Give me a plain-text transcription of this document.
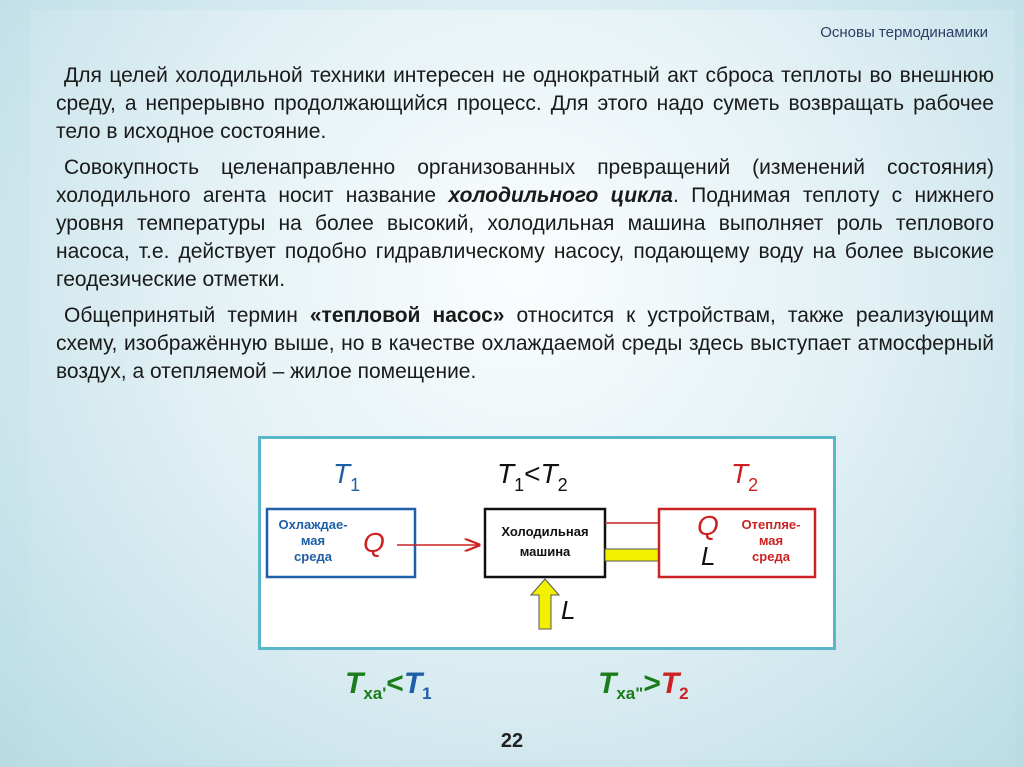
Основы термодинамики

Для целей холодильной техники интересен не однократный акт сброса теплоты во внешнюю среду, а непрерывно продолжающийся процесс. Для этого надо суметь возвращать рабочее тело в исходное состояние.

Совокупность целенаправленно организованных превращений (изменений состояния) холодильного агента носит название холодильного цикла. Поднимая теплоту с нижнего уровня температуры на более высокий, холодильная машина выполняет роль теплового насоса, т.е. действует подобно гидравлическому насосу, подающему воду на более высокие геодезические отметки.

Общепринятый термин «тепловой насос» относится к устройствам, также реализующим схему, изображённую выше, но в качестве охлаждаемой среды здесь выступает атмосферный воздух, а отепляемой – жилое помещение.

$T_1$	$T_1<T_2$	$T_2$
Охлаждае-
мая
среда Q	Холодильная
машина
Q
L
Отепляе-
мая
среда
L
$T_{ха'}<T_1$	$T_{ха"}>T_2$
22
